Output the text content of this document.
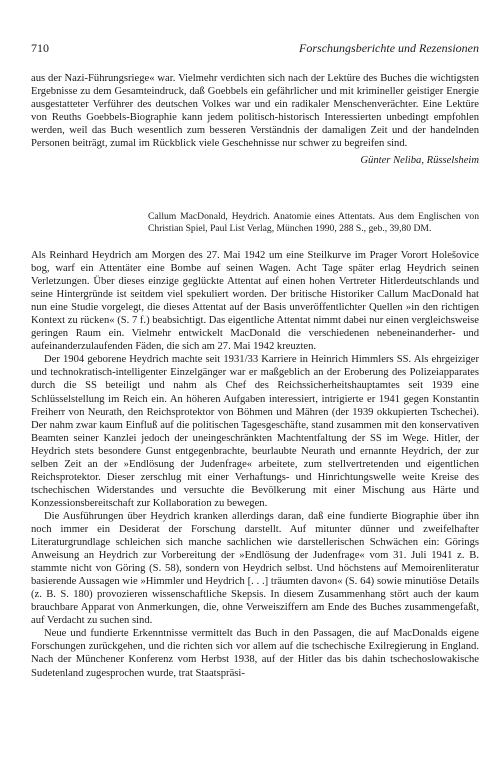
710	Forschungsberichte und Rezensionen

aus der Nazi-Führungsriege« war. Vielmehr verdichten sich nach der Lektüre des Buches die wichtigsten Ergebnisse zu dem Gesamteindruck, daß Goebbels ein gefährlicher und mit krimineller geistiger Energie ausgestatteter Verführer des deutschen Volkes war und ein radikaler Menschenverächter. Eine Lektüre von Reuths Goebbels-Biographie kann jedem politisch-historisch Interessierten unbedingt empfohlen werden, weil das Buch wesentlich zum besseren Verständnis der damaligen Zeit und der handelnden Personen beiträgt, zumal im Rückblick viele Geschehnisse nur schwer zu begreifen sind.

Günter Neliba, Rüsselsheim
Callum MacDonald, Heydrich. Anatomie eines Attentats. Aus dem Englischen von Christian Spiel, Paul List Verlag, München 1990, 288 S., geb., 39,80 DM.

Als Reinhard Heydrich am Morgen des 27. Mai 1942 um eine Steilkurve im Prager Vorort Holešovice bog, warf ein Attentäter eine Bombe auf seinen Wagen. Acht Tage später erlag Heydrich seinen Verletzungen. Über dieses einzige geglückte Attentat auf einen hohen Vertreter Hitlerdeutschlands und seine Hintergründe ist seitdem viel spekuliert worden. Der britische Historiker Callum MacDonald hat nun eine Studie vorgelegt, die dieses Attentat auf der Basis unveröffentlichter Quellen »in den richtigen Kontext zu rücken« (S. 7 f.) beabsichtigt. Das eigentliche Attentat nimmt dabei nur einen vergleichsweise geringen Raum ein. Vielmehr entwickelt MacDonald die verschiedenen nebeneinanderher- und aufeinanderzulaufenden Fäden, die sich am 27. Mai 1942 kreuzten.

Der 1904 geborene Heydrich machte seit 1931/33 Karriere in Heinrich Himmlers SS. Als ehrgeiziger und technokratisch-intelligenter Einzelgänger war er maßgeblich an der Eroberung des Polizeiapparates durch die SS beteiligt und nahm als Chef des Reichssicherheitshauptamtes seit 1939 eine Schlüsselstellung im Reich ein. An höheren Aufgaben interessiert, intrigierte er 1941 gegen Konstantin Freiherr von Neurath, den Reichsprotektor von Böhmen und Mähren (der 1939 okkupierten Tschechei). Der nahm zwar kaum Einfluß auf die politischen Tagesgeschäfte, stand zusammen mit den konservativen Beamten seiner Kanzlei jedoch der uneingeschränkten Machtentfaltung der SS im Wege. Hitler, der Heydrich stets besondere Gunst entgegenbrachte, beurlaubte Neurath und ernannte Heydrich, der zur selben Zeit an der »Endlösung der Judenfrage« arbeitete, zum stellvertretenden und eigentlichen Reichsprotektor. Dieser zerschlug mit einer Verhaftungs- und Hinrichtungswelle weite Kreise des tschechischen Widerstandes und versuchte die Bevölkerung mit einer Mischung aus Härte und Konzessionsbereitschaft zur Kollaboration zu bewegen.

Die Ausführungen über Heydrich kranken allerdings daran, daß eine fundierte Biographie über ihn noch immer ein Desiderat der Forschung darstellt. Auf mitunter dünner und zweifelhafter Literaturgrundlage schleichen sich manche sachlichen wie darstellerischen Schwächen ein: Görings Anweisung an Heydrich zur Vorbereitung der »Endlösung der Judenfrage« vom 31. Juli 1941 z. B. stammte nicht von Göring (S. 58), sondern von Heydrich selbst. Und höchstens auf Memoirenliteratur basierende Aussagen wie »Himmler und Heydrich [. . .] träumten davon« (S. 64) sowie minutiöse Details (z. B. S. 180) provozieren wissenschaftliche Skepsis. In diesem Zusammenhang stört auch der kaum brauchbare Apparat von Anmerkungen, die, ohne Verweisziffern am Ende des Buches zusammengefaßt, auf Verdacht zu suchen sind.

Neue und fundierte Erkenntnisse vermittelt das Buch in den Passagen, die auf MacDonalds eigene Forschungen zurückgehen, und die richten sich vor allem auf die tschechische Exilregierung in England. Nach der Münchener Konferenz vom Herbst 1938, auf der Hitler das bis dahin tschechoslowakische Sudetenland zugesprochen wurde, trat Staatspräsi-
